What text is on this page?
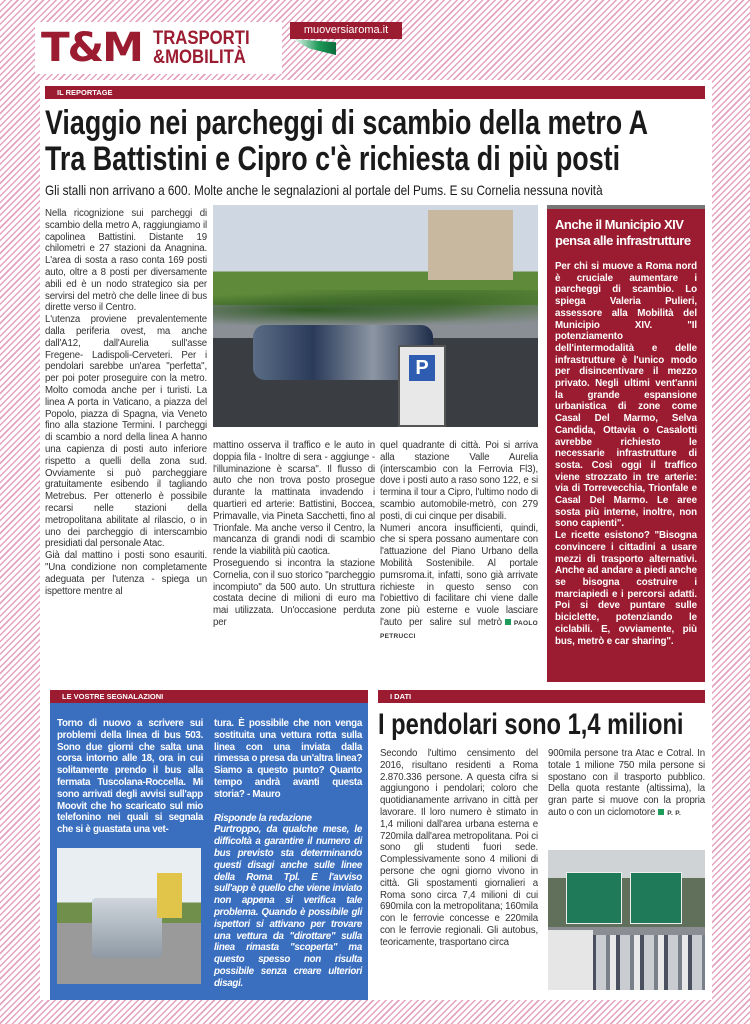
T&M TRASPORTI
&MOBILITÀ
muoversiaroma.it
IL REPORTAGE
Viaggio nei parcheggi di scambio della metro A
Tra Battistini e Cipro c'è richiesta di più posti
Gli stalli non arrivano a 600. Molte anche le segnalazioni al portale del Pums. E su Cornelia nessuna novità

Nella ricognizione sui parcheggi di scambio della metro A, raggiungiamo il capolinea Battistini. Distante 19 chilometri e 27 stazioni da Anagnina. L'area di sosta a raso conta 169 posti auto, oltre a 8 posti per diversamente abili ed è un nodo strategico sia per servirsi del metrò che delle linee di bus dirette verso il Centro.

L'utenza proviene prevalentemente dalla periferia ovest, ma anche dall'A12, dall'Aurelia sull'asse Fregene- Ladispoli-Cerveteri. Per i pendolari sarebbe un'area "perfetta", per poi poter proseguire con la metro. Molto comoda anche per i turisti. La linea A porta in Vaticano, a piazza del Popolo, piazza di Spagna, via Veneto fino alla stazione Termini. I parcheggi di scambio a nord della linea A hanno una capienza di posti auto inferiore rispetto a quelli della zona sud. Ovviamente si può parcheggiare gratuitamente esibendo il tagliando Metrebus. Per ottenerlo è possibile recarsi nelle stazioni della metropolitana abilitate al rilascio, o in uno dei parcheggio di interscambio presidiati dal personale Atac.

Già dal mattino i posti sono esauriti. "Una condizione non completamente adeguata per l'utenza - spiega un ispettore mentre al

P

mattino osserva il traffico e le auto in doppia fila - Inoltre di sera - aggiunge - l'illuminazione è scarsa". Il flusso di auto che non trova posto prosegue durante la mattinata invadendo i quartieri ed arterie: Battistini, Boccea, Primavalle, via Pineta Sacchetti, fino al Trionfale. Ma anche verso il Centro, la mancanza di grandi nodi di scambio rende la viabilità più caotica.

Proseguendo si incontra la stazione Cornelia, con il suo storico "parcheggio incompiuto" da 500 auto. Un struttura costata decine di milioni di euro ma mai utilizzata. Un'occasione perduta per

quel quadrante di città. Poi si arriva alla stazione Valle Aurelia (interscambio con la Ferrovia Fl3), dove i posti auto a raso sono 122, e si termina il tour a Cipro, l'ultimo nodo di scambio automobile-metrò, con 279 posti, di cui cinque per disabili.

Numeri ancora insufficienti, quindi, che si spera possano aumentare con l'attuazione del Piano Urbano della Mobilità Sostenibile. Al portale pumsroma.it, infatti, sono già arrivate richieste in questo senso con l'obiettivo di facilitare chi viene dalle zone più esterne e vuole lasciare l'auto per salire sul metrò PAOLO PETRUCCI

Anche il Municipio XIV pensa alle infrastrutture
Per chi si muove a Roma nord è cruciale aumentare i parcheggi di scambio. Lo spiega Valeria Pulieri, assessore alla Mobilità del Municipio XIV. "Il potenziamento dell'intermodalità e delle infrastrutture è l'unico modo per disincentivare il mezzo privato. Negli ultimi vent'anni la grande espansione urbanistica di zone come Casal Del Marmo, Selva Candida, Ottavia o Casalotti avrebbe richiesto le necessarie infrastrutture di sosta. Così oggi il traffico viene strozzato in tre arterie: via di Torrevecchia, Trionfale e Casal Del Marmo. Le aree sosta più interne, inoltre, non sono capienti".
Le ricette esistono? "Bisogna convincere i cittadini a usare mezzi di trasporto alternativi. Anche ad andare a piedi anche se bisogna costruire i marciapiedi e i percorsi adatti. Poi si deve puntare sulle biciclette, potenziando le ciclabili. E, ovviamente, più bus, metrò e car sharing".
LE VOSTRE SEGNALAZIONI
Torno di nuovo a scrivere sui problemi della linea di bus 503. Sono due giorni che salta una corsa intorno alle 18, ora in cui solitamente prendo il bus alla fermata Tuscolana-Roccella. Mi sono arrivati degli avvisi sull'app Moovit che ho scaricato sul mio telefonino nei quali si segnala che si è guastata una vet-
tura. È possibile che non venga sostituita una vettura rotta sulla linea con una inviata dalla rimessa o presa da un'altra linea? Siamo a questo punto? Quanto tempo andrà avanti questa storia? - Mauro
Risponde la redazione
Purtroppo, da qualche mese, le difficoltà a garantire il numero di bus previsto sta determinando questi disagi anche sulle linee della Roma Tpl. E l'avviso sull'app è quello che viene inviato non appena si verifica tale problema. Quando è possibile gli ispettori si attivano per trovare una vettura da "dirottare" sulla linea rimasta "scoperta" ma questo spesso non risulta possibile senza creare ulteriori disagi.
I DATI
I pendolari sono 1,4 milioni
Secondo l'ultimo censimento del 2016, risultano residenti a Roma 2.870.336 persone. A questa cifra si aggiungono i pendolari; coloro che quotidianamente arrivano in città per lavorare. Il loro numero è stimato in 1,4 milioni dall'area urbana esterna e 720mila dall'area metropolitana. Poi ci sono gli studenti fuori sede. Complessivamente sono 4 milioni di persone che ogni giorno vivono in città. Gli spostamenti giornalieri a Roma sono circa 7,4 milioni di cui 690mila con la metropolitana; 160mila con le ferrovie concesse e 220mila con le ferrovie regionali. Gli autobus, teoricamente, trasportano circa
900mila persone tra Atac e Cotral. In totale 1 milione 750 mila persone si spostano con il trasporto pubblico. Della quota restante (altissima), la gran parte si muove con la propria auto o con un ciclomotore P. P.
